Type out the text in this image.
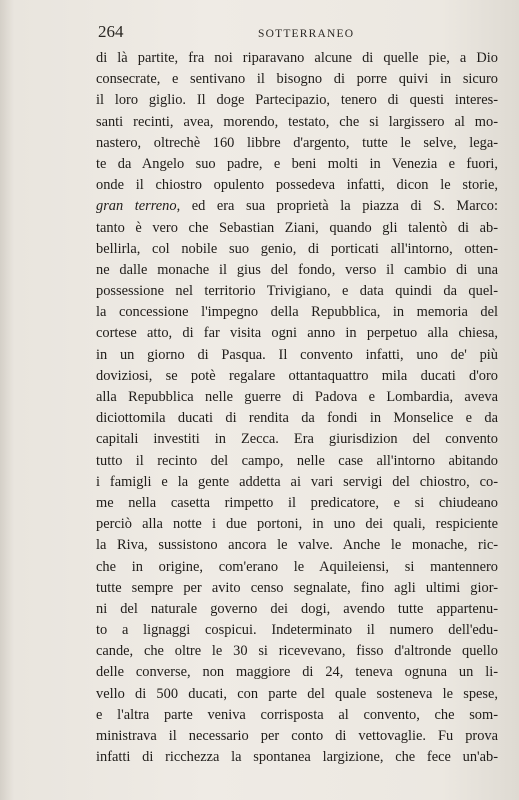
264	SOTTERRANEO
di là partite, fra noi riparavano alcune di quelle pie, a Dio
consecrate, e sentivano il bisogno di porre quivi in sicuro
il loro giglio. Il doge Partecipazio, tenero di questi interes-
santi recinti, avea, morendo, testato, che si largissero al mo-
nastero, oltrechè 160 libbre d'argento, tutte le selve, lega-
te da Angelo suo padre, e beni molti in Venezia e fuori,
onde il chiostro opulento possedeva infatti, dicon le storie,
gran terreno, ed era sua proprietà la piazza di S. Marco:
tanto è vero che Sebastian Ziani, quando gli talentò di ab-
bellirla, col nobile suo genio, di porticati all'intorno, otten-
ne dalle monache il gius del fondo, verso il cambio di una
possessione nel territorio Trivigiano, e data quindi da quel-
la concessione l'impegno della Repubblica, in memoria del
cortese atto, di far visita ogni anno in perpetuo alla chiesa,
in un giorno di Pasqua. Il convento infatti, uno de' più
doviziosi, se potè regalare ottantaquattro mila ducati d'oro
alla Repubblica nelle guerre di Padova e Lombardia, aveva
diciottomila ducati di rendita da fondi in Monselice e da
capitali investiti in Zecca. Era giurisdizion del convento
tutto il recinto del campo, nelle case all'intorno abitando
i famigli e la gente addetta ai vari servigi del chiostro, co-
me nella casetta rimpetto il predicatore, e si chiudeano
perciò alla notte i due portoni, in uno dei quali, respiciente
la Riva, sussistono ancora le valve. Anche le monache, ric-
che in origine, com'erano le Aquileiensi, si mantennero
tutte sempre per avito censo segnalate, fino agli ultimi gior-
ni del naturale governo dei dogi, avendo tutte appartenu-
to a lignaggi cospicui. Indeterminato il numero dell'edu-
cande, che oltre le 30 si ricevevano, fisso d'altronde quello
delle converse, non maggiore di 24, teneva ognuna un li-
vello di 500 ducati, con parte del quale sosteneva le spese,
e l'altra parte veniva corrisposta al convento, che som-
ministrava il necessario per conto di vettovaglie. Fu prova
infatti di ricchezza la spontanea largizione, che fece un'ab-
